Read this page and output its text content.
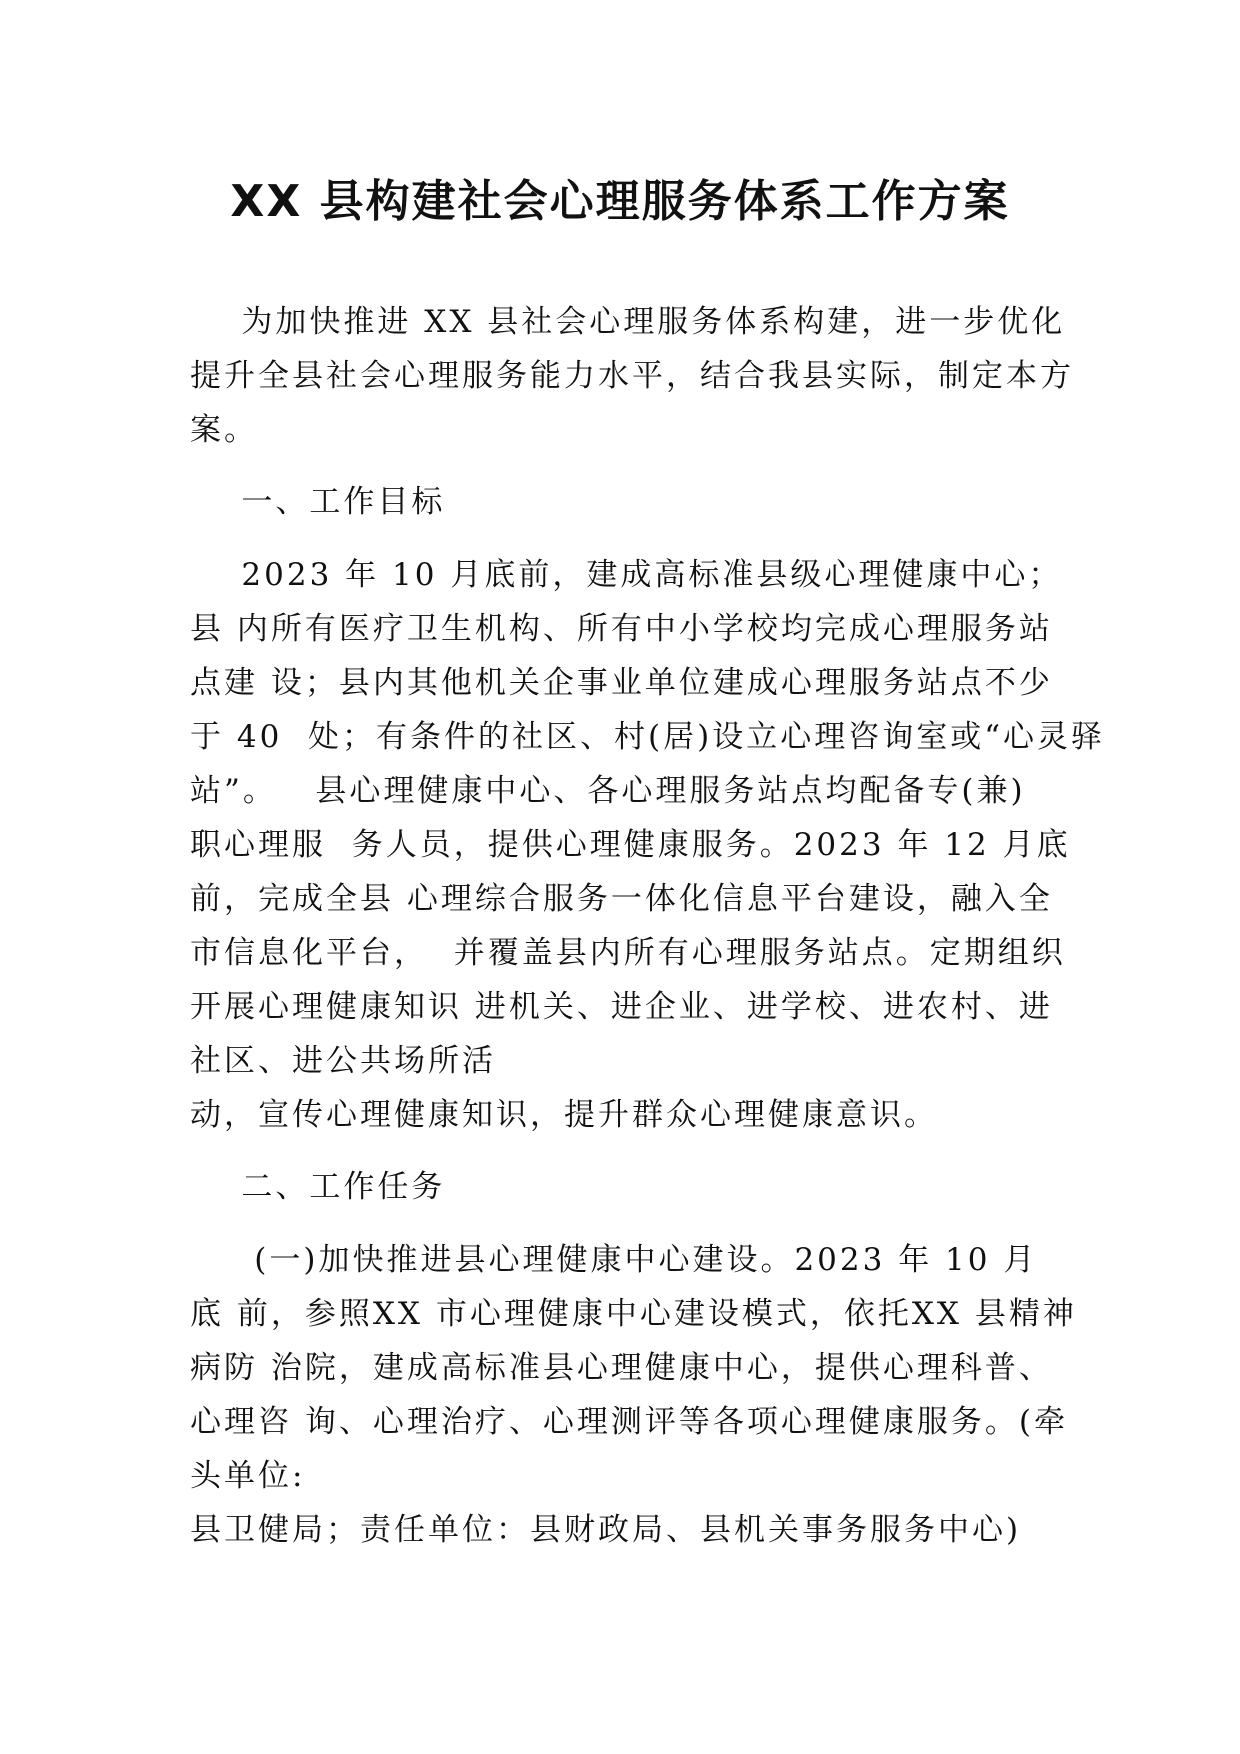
XX 县构建社会心理服务体系工作方案
为加快推进 XX 县社会心理服务体系构建，进一步优化
提升全县社会心理服务能力水平，结合我县实际，制定本方
案。
一、工作目标
2023 年 10 月底前，建成高标准县级心理健康中心；
县 内所有医疗卫生机构、所有中小学校均完成心理服务站
点建 设；县内其他机关企事业单位建成心理服务站点不少
于 40  处；有条件的社区、村(居)设立心理咨询室或“心灵驿
站”。   县心理健康中心、各心理服务站点均配备专(兼)
职心理服  务人员，提供心理健康服务。2023 年 12 月底
前，完成全县 心理综合服务一体化信息平台建设，融入全
市信息化平台，  并覆盖县内所有心理服务站点。定期组织
开展心理健康知识 进机关、进企业、进学校、进农村、进
社区、进公共场所活
动，宣传心理健康知识，提升群众心理健康意识。
二、工作任务
(一)加快推进县心理健康中心建设。2023 年 10 月
底 前，参照XX 市心理健康中心建设模式，依托XX 县精神
病防 治院，建成高标准县心理健康中心，提供心理科普、
心理咨 询、心理治疗、心理测评等各项心理健康服务。(牵
头单位:
县卫健局；责任单位：县财政局、县机关事务服务中心)
